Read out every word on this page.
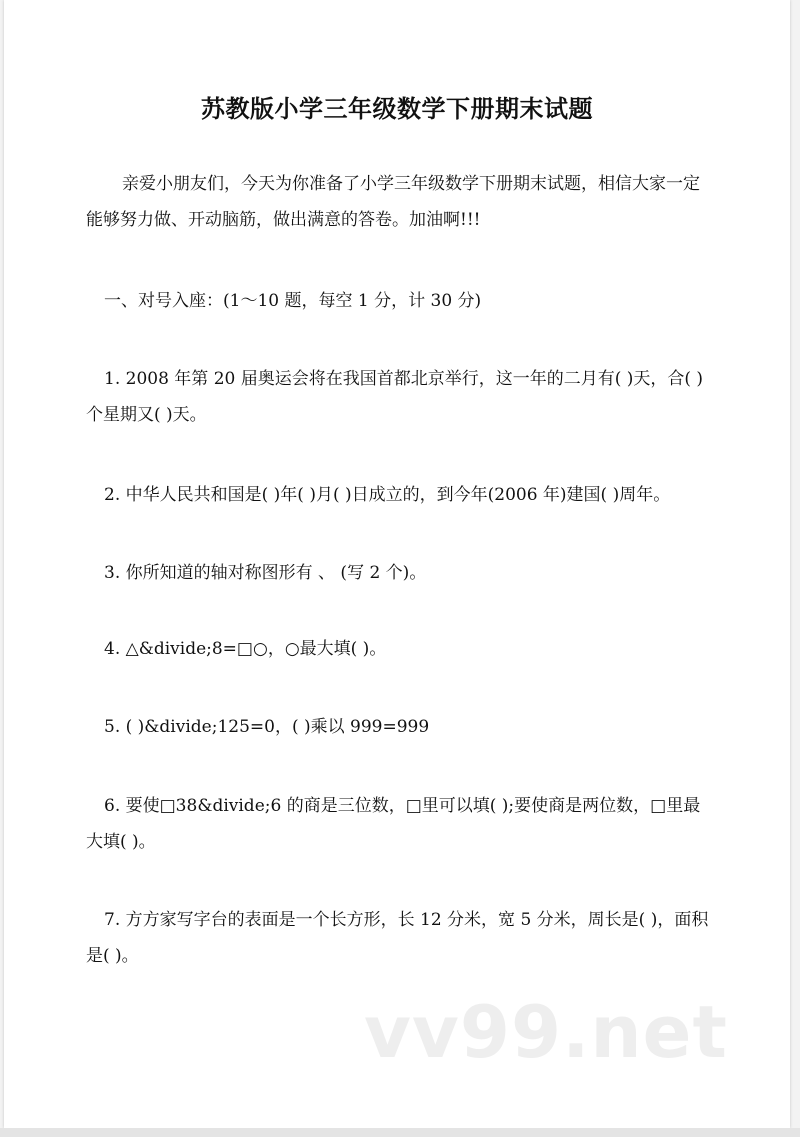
苏教版小学三年级数学下册期末试题

亲爱小朋友们，今天为你准备了小学三年级数学下册期末试题，相信大家一定能够努力做、开动脑筋，做出满意的答卷。加油啊!!!

一、对号入座：(1～10 题，每空 1 分，计 30 分)

1. 2008 年第 20 届奥运会将在我国首都北京举行，这一年的二月有( )天，合( )个星期又( )天。

2. 中华人民共和国是( )年( )月( )日成立的，到今年(2006 年)建国( )周年。

3. 你所知道的轴对称图形有 、 (写 2 个)。

4. △&divide;8=□○，○最大填( )。

5. ( )&divide;125=0，( )乘以 999=999

6. 要使□38&divide;6 的商是三位数，□里可以填( );要使商是两位数，□里最大填( )。

7. 方方家写字台的表面是一个长方形，长 12 分米，宽 5 分米，周长是( )，面积是( )。

vv99.net
